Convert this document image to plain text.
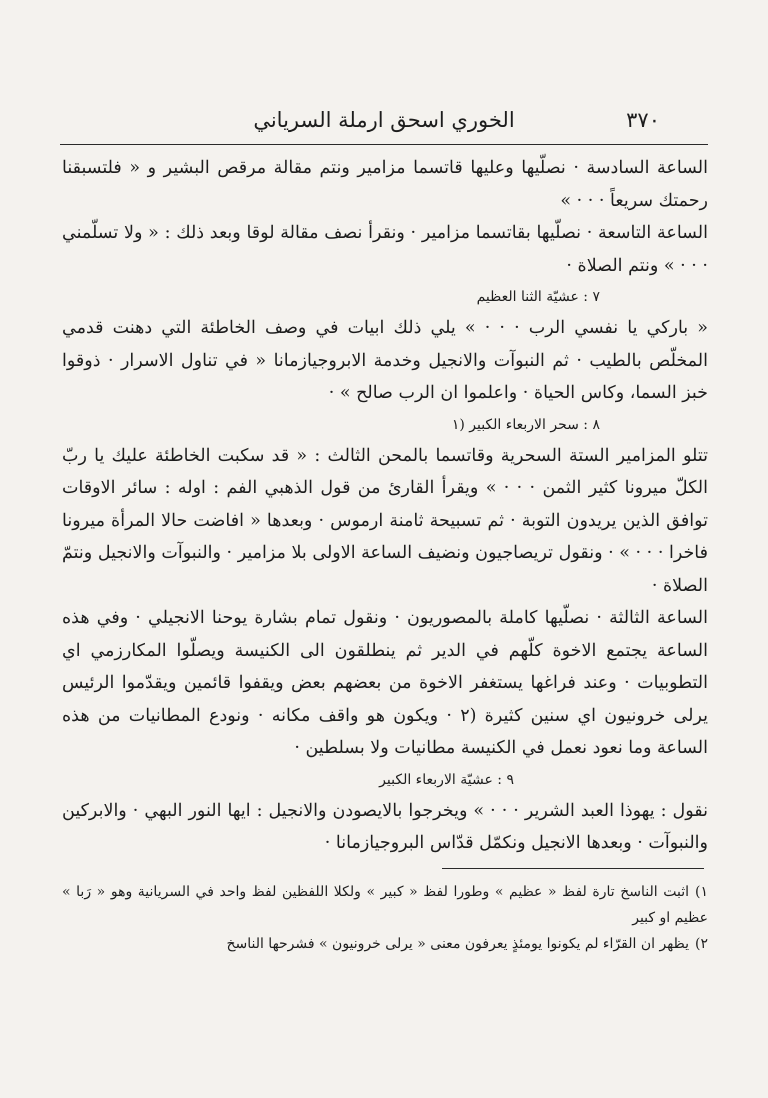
٣٧٠
الخوري اسحق ارملة السرياني

الساعة السادسة · نصلّيها وعليها قاتسما مزامير ونتم مقالة مرقص البشير و « فلتسبقنا رحمتك سريعاً · · · »

الساعة التاسعة · نصلّيها بقاتسما مزامير · ونقرأ نصف مقالة لوقا وبعد ذلك : « ولا تسلّمني · · · » ونتم الصلاة ·

٧ : عشيّة الثنا العظيم

« باركي يا نفسي الرب · · · » يلي ذلك ابيات في وصف الخاطئة التي دهنت قدمي المخلّص بالطيب · ثم النبوآت والانجيل وخدمة الابروجيازمانا « في تناول الاسرار · ذوقوا خبز السما، وكاس الحياة · واعلموا ان الرب صالح » ·

٨ : سحر الاربعاء الكبير (١

تتلو المزامير الستة السحرية وقاتسما بالمحن الثالث : « قد سكبت الخاطئة عليك يا ربّ الكلّ ميرونا كثير الثمن · · · » ويقرأ القارئ من قول الذهبي الفم : اوله : سائر الاوقات توافق الذين يريدون التوبة · ثم تسبيحة ثامنة ارموس · وبعدها « افاضت حالا المرأة ميرونا فاخرا · · · » · ونقول تريصاجيون ونضيف الساعة الاولى بلا مزامير · والنبوآت والانجيل ونتمّ الصلاة ·

الساعة الثالثة · نصلّيها كاملة بالمصوريون · ونقول تمام بشارة يوحنا الانجيلي · وفي هذه الساعة يجتمع الاخوة كلّهم في الدير ثم ينطلقون الى الكنيسة ويصلّوا المكارزمي اي التطوبيات · وعند فراغها يستغفر الاخوة من بعضهم بعض ويقفوا قائمين ويقدّموا الرئيس يرلى خرونيون اي سنين كثيرة (٢ · ويكون هو واقف مكانه · ونودع المطانيات من هذه الساعة وما نعود نعمل في الكنيسة مطانيات ولا بسلطين ·

٩ : عشيّة الاربعاء الكبير

نقول : يهوذا العبد الشرير · · · » ويخرجوا بالايصودن والانجيل : ايها النور البهي · والابركين والنبوآت · وبعدها الانجيل ونكمّل قدّاس البروجيازمانا ·

١)اثبت الناسخ تارة لفظ « عظيم » وطورا لفظ « كبير » ولكلا اللفظين لفظ واحد في السريانية وهو « رَبا » عظيم او كبير

٢)يظهر ان القرّاء لم يكونوا يومئذٍ يعرفون معنى « يرلى خرونيون » فشرحها الناسخ
